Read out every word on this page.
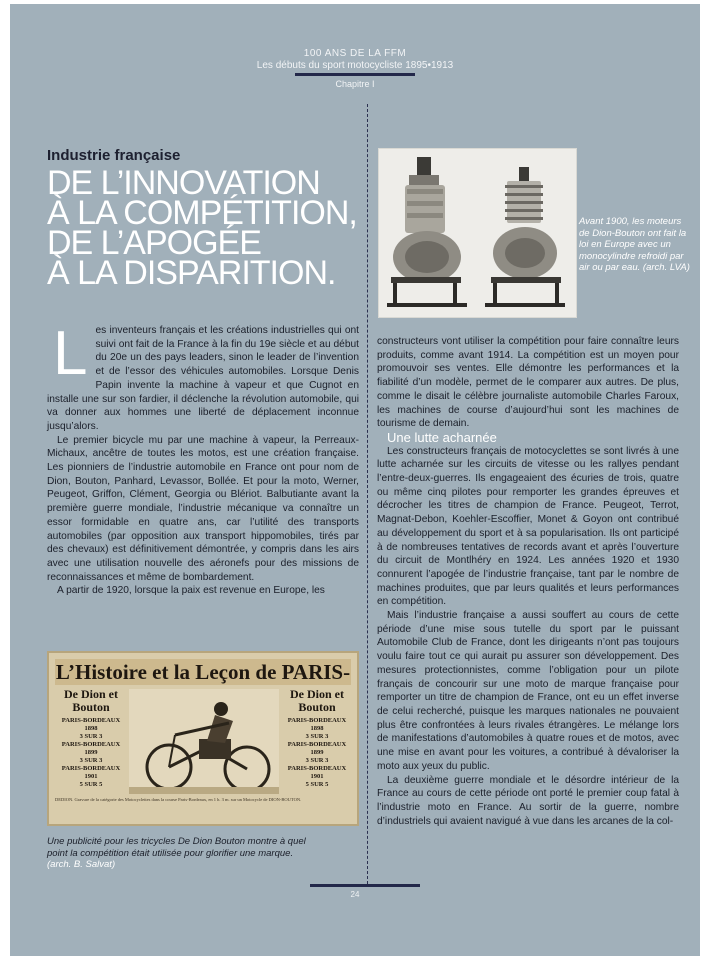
100 ANS DE LA FFM
Les débuts du sport motocycliste 1895•1913
Chapitre I
Industrie française
DE L’INNOVATION
À LA COMPÉTITION,
DE L’APOGÉE
À LA DISPARITION.
Avant 1900, les moteurs de Dion-Bouton ont fait la loi en Europe avec un monocylindre refroidi par air ou par eau. (arch. LVA)

Les inventeurs français et les créations industrielles qui ont suivi ont fait de la France à la fin du 19e siècle et au début du 20e un des pays leaders, sinon le leader de l’invention et de l’essor des véhicules automobiles. Lorsque Denis Papin invente la machine à vapeur et que Cugnot en installe une sur son fardier, il déclenche la révolution automobile, qui va donner aux hommes une liberté de déplacement inconnue jusqu’alors.

Le premier bicycle mu par une machine à vapeur, la Perreaux-Michaux, ancêtre de toutes les motos, est une création française. Les pionniers de l’industrie automobile en France ont pour nom de Dion, Bouton, Panhard, Levassor, Bollée. Et pour la moto, Werner, Peugeot, Griffon, Clément, Georgia ou Blériot. Balbutiante avant la première guerre mondiale, l’industrie mécanique va connaître un essor formidable en quatre ans, car l’utilité des transports automobiles (par opposition aux transport hippomobiles, tirés par des chevaux) est définitivement démontrée, y compris dans les airs avec une utilisation nouvelle des aéronefs pour des missions de reconnaissances et même de bombardement.

A partir de 1920, lorsque la paix est revenue en Europe, les

constructeurs vont utiliser la compétition pour faire connaître leurs produits, comme avant 1914. La compétition est un moyen pour promouvoir ses ventes. Elle démontre les performances et la fiabilité d’un modèle, permet de le comparer aux autres. De plus, comme le disait le célèbre journaliste automobile Charles Faroux, les machines de course d’aujourd’hui sont les machines de tourisme de demain.

Une lutte acharnée

Les constructeurs français de motocyclettes se sont livrés à une lutte acharnée sur les circuits de vitesse ou les rallyes pendant l’entre-deux-guerres. Ils engageaient des écuries de trois, quatre ou même cinq pilotes pour remporter les grandes épreuves et décrocher les titres de champion de France. Peugeot, Terrot, Magnat-Debon, Koehler-Escoffier, Monet & Goyon ont contribué au développement du sport et à sa popularisation. Ils ont participé à de nombreuses tentatives de records avant et après l’ouverture du circuit de Montlhéry en 1924. Les années 1920 et 1930 connurent l’apogée de l’industrie française, tant par le nombre de machines produites, que par leurs qualités et leurs performances en compétition.

Mais l’industrie française a aussi souffert au cours de cette période d’une mise sous tutelle du sport par le puissant Automobile Club de France, dont les dirigeants n’ont pas toujours voulu faire tout ce qui aurait pu assurer son développement. Des mesures protectionnistes, comme l’obligation pour un pilote français de concourir sur une moto de marque française pour remporter un titre de champion de France, ont eu un effet inverse de celui recherché, puisque les marques nationales ne pouvaient plus être confrontées à leurs rivales étrangères. Le mélange lors de manifestations d’automobiles à quatre roues et de motos, avec une mise en avant pour les voitures, a contribué à dévaloriser la moto aux yeux du public.

La deuxième guerre mondiale et le désordre intérieur de la France au cours de cette période ont porté le premier coup fatal à l’industrie moto en France. Au sortir de la guerre, nombre d’industriels qui avaient navigué à vue dans les arcanes de la col-

L’Histoire et la Leçon de PARIS-
De Dion et Bouton
PARIS-BORDEAUX
1898
3 SUR 3
PARIS-BORDEAUX
1899
3 SUR 3
PARIS-BORDEAUX
1901
5 SUR 5
De Dion et Bouton
PARIS-BORDEAUX
1898
3 SUR 3
PARIS-BORDEAUX
1899
3 SUR 3
PARIS-BORDEAUX
1901
5 SUR 5
DEDION. Gravure de la catégorie des Motocyclettes dans la course Paris-Bordeaux, en 1 h. 3 m. sur un Motocycle de DION-BOUTON.
Une publicité pour les tricycles De Dion Bouton montre à quel point la compétition était utilisée pour glorifier une marque. (arch. B. Salvat)
24
